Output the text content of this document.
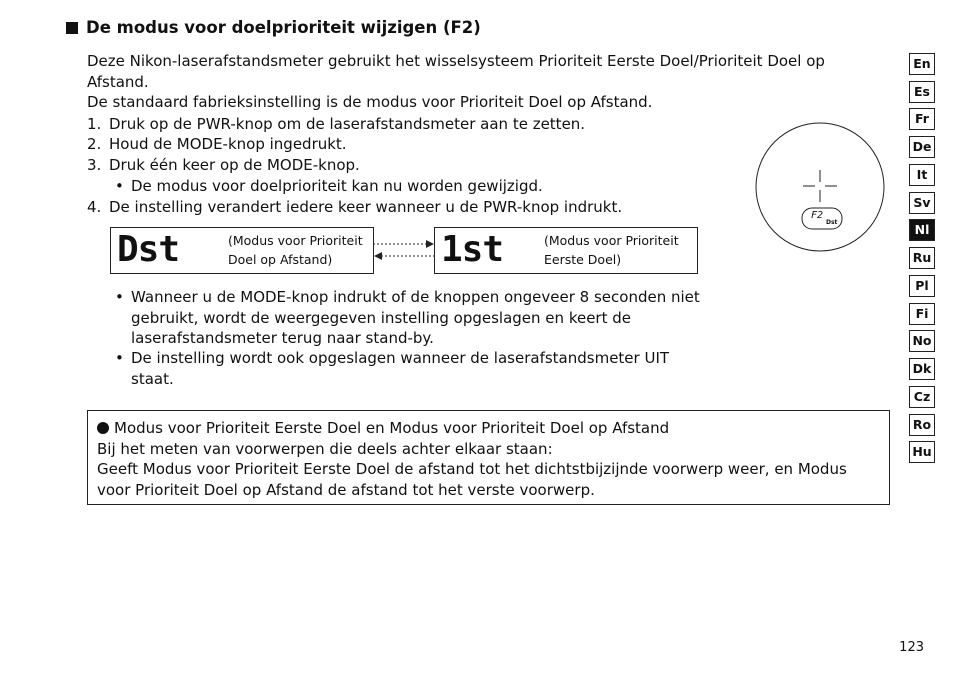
De modus voor doelprioriteit wijzigen (F2)
Deze Nikon-laserafstandsmeter gebruikt het wisselsysteem Prioriteit Eerste Doel/Prioriteit Doel op
Afstand.
De standaard fabrieksinstelling is de modus voor Prioriteit Doel op Afstand.
1. Druk op de PWR-knop om de laserafstandsmeter aan te zetten.
2. Houd de MODE-knop ingedrukt.
3. Druk één keer op de MODE-knop.
• De modus voor doelprioriteit kan nu worden gewijzigd.
4. De instelling verandert iedere keer wanneer u de PWR-knop indrukt.
Dst	(Modus voor Prioriteit
Doel op Afstand)	1st	(Modus voor Prioriteit
Eerste Doel)
F2
Dst
• Wanneer u de MODE-knop indrukt of de knoppen ongeveer 8 seconden niet
gebruikt, wordt de weergegeven instelling opgeslagen en keert de
laserafstandsmeter terug naar stand-by.
• De instelling wordt ook opgeslagen wanneer de laserafstandsmeter UIT
staat.
Modus voor Prioriteit Eerste Doel en Modus voor Prioriteit Doel op Afstand
Bij het meten van voorwerpen die deels achter elkaar staan:
Geeft Modus voor Prioriteit Eerste Doel de afstand tot het dichtstbijzijnde voorwerp weer, en Modus
voor Prioriteit Doel op Afstand de afstand tot het verste voorwerp.
En
Es
Fr
De
It
Sv
Nl
Ru
Pl
Fi
No
Dk
Cz
Ro
Hu
123
